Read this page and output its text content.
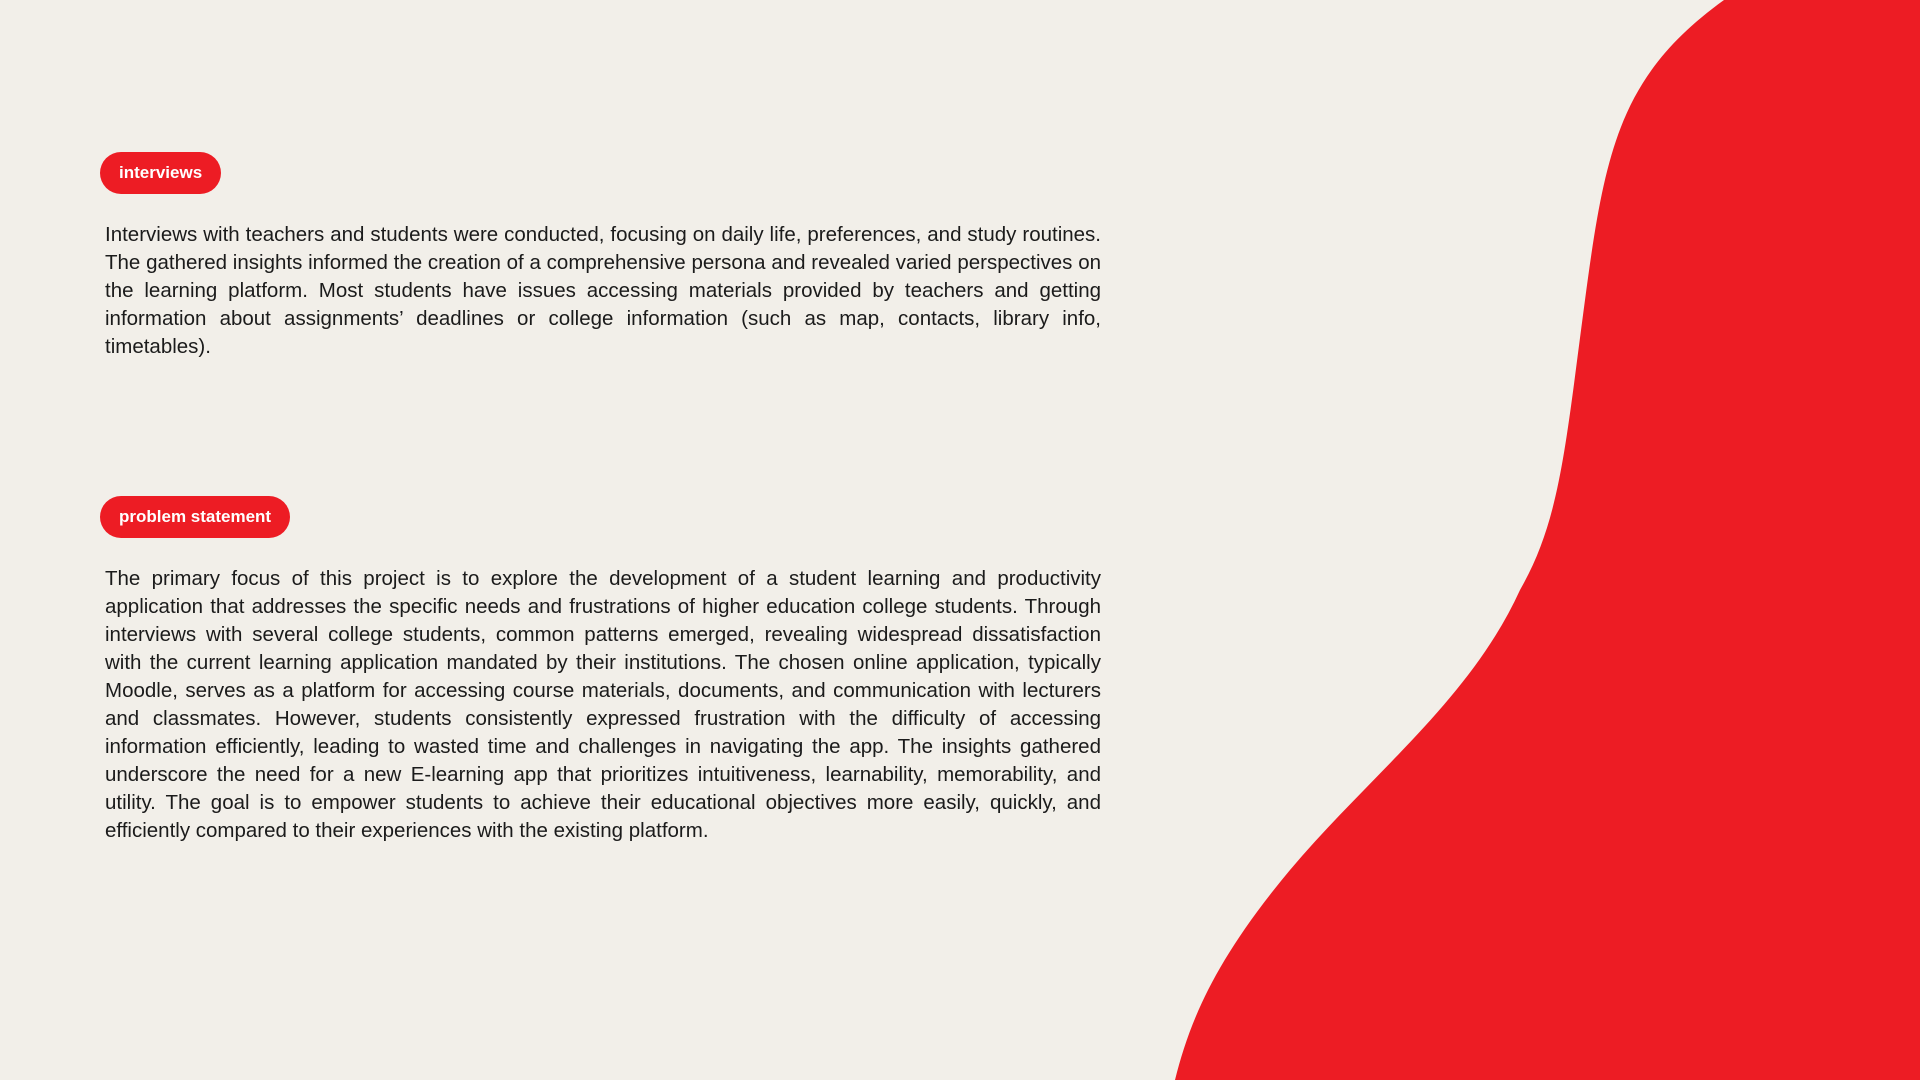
interviews

Interviews with teachers and students were conducted, focusing on daily life, preferences, and study routines. The gathered insights informed the creation of a comprehensive persona and revealed varied perspectives on the learning platform. Most students have issues accessing materials provided by teachers and getting information about assignments’ deadlines or college information (such as map, contacts, library info, timetables).

problem statement

The primary focus of this project is to explore the development of a student learning and productivity application that addresses the specific needs and frustrations of higher education college students. Through interviews with several college students, common patterns emerged, revealing widespread dissatisfaction with the current learning application mandated by their institutions. The chosen online application, typically Moodle, serves as a platform for accessing course materials, documents, and communication with lecturers and classmates. However, students consistently expressed frustration with the difficulty of accessing information efficiently, leading to wasted time and challenges in navigating the app. The insights gathered underscore the need for a new E-learning app that prioritizes intuitiveness, learnability, memorability, and utility. The goal is to empower students to achieve their educational objectives more easily, quickly, and efficiently compared to their experiences with the existing platform.
